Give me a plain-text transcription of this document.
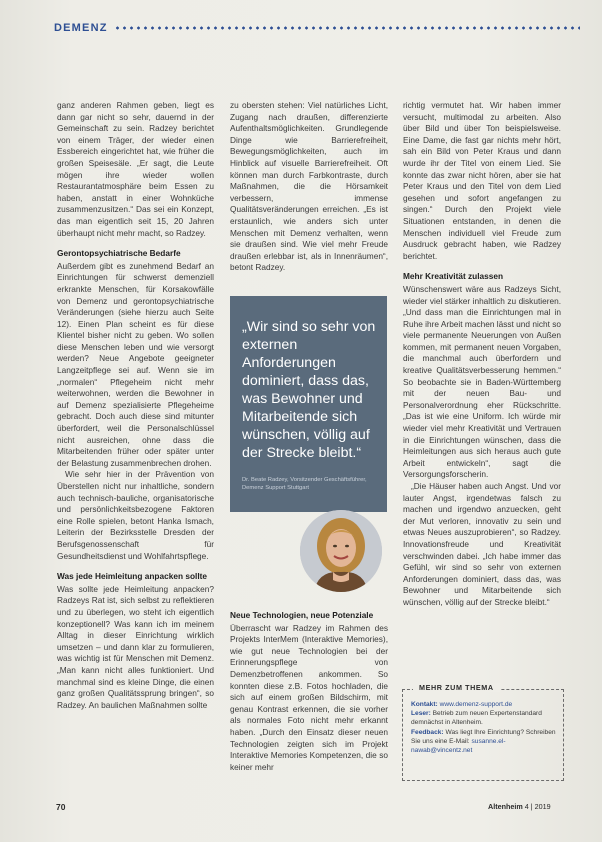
DEMENZ

ganz anderen Rahmen geben, liegt es dann gar nicht so sehr, dauernd in der Gemeinschaft zu sein. Radzey berichtet von einem Träger, der wieder einen Essbereich eingerichtet hat, wie früher die großen Speisesäle. „Er sagt, die Leute mögen ihre wieder wollen Restaurantatmosphäre beim Essen zu haben, anstatt in einer Wohnküche zusammenzusitzen.“ Das sei ein Konzept, das man eigentlich seit 15, 20 Jahren überhaupt nicht mehr macht, so Radzey.

Gerontopsychiatrische Bedarfe

Außerdem gibt es zunehmend Bedarf an Einrichtungen für schwerst demenziell erkrankte Menschen, für Korsakowfälle von Demenz und gerontopsychiatrische Veränderungen (siehe hierzu auch Seite 12). Einen Plan scheint es für diese Klientel bisher nicht zu geben. Wo sollen diese Menschen leben und wie versorgt werden? Neue Angebote geeigneter Langzeitpflege sei auf. Wenn sie im „normalen“ Pflegeheim nicht mehr weiterwohnen, werden die Bewohner in auf Demenz spezialisierte Pflegeheime gebracht. Doch auch diese sind mitunter überfordert, weil die Personalschlüssel nicht ausreichen, ohne dass die Mitarbeitenden früher oder später unter der Belastung zusammenbrechen drohen.

Wie sehr hier in der Prävention von Überstellen nicht nur inhaltliche, sondern auch technisch-bauliche, organisatorische und persönlichkeitsbezogene Faktoren eine Rolle spielen, betont Hanka Ismach, Leiterin der Bezirksstelle Dresden der Berufsgenossenschaft für Gesundheitsdienst und Wohlfahrtspflege.

Was jede Heimleitung anpacken sollte

Was sollte jede Heimleitung anpacken? Radzeys Rat ist, sich selbst zu reflektieren und zu überlegen, wo steht ich eigentlich konzeptionell? Was kann ich im meinem Alltag in dieser Einrichtung wirklich umsetzen – und dann klar zu formulieren, was wichtig ist für Menschen mit Demenz. „Man kann nicht alles funktioniert. Und manchmal sind es kleine Dinge, die einen ganz großen Qualitätssprung bringen“, so Radzey. An baulichen Maßnahmen sollte

zu obersten stehen: Viel natürliches Licht, Zugang nach draußen, differenzierte Aufenthaltsmöglichkeiten. Grundlegende Dinge wie Barrierefreiheit, Bewegungsmöglichkeiten, auch im Hinblick auf visuelle Barrierefreiheit. Oft können man durch Farbkontraste, durch Maßnahmen, die die Hörsamkeit verbessern, immense Qualitätsveränderungen erreichen. „Es ist erstaunlich, wie anders sich unter Menschen mit Demenz verhalten, wenn sie draußen sind. Wie viel mehr Freude draußen erlebbar ist, als in Innenräumen“, betont Radzey.

„Wir sind so sehr von externen Anforderungen dominiert, dass das, was Bewohner und Mitarbeitende sich wünschen, völlig auf der Strecke bleibt.“
Dr. Beate Radzey, Vorsitzender Geschäftsführer, Demenz Support Stuttgart
Neue Technologien, neue Potenziale

Überrascht war Radzey im Rahmen des Projekts InterMem (Interaktive Memories), wie gut neue Technologien bei der Erinnerungspflege von Demenzbetroffenen ankommen. So konnten diese z.B. Fotos hochladen, die sich auf einem großen Bildschirm, mit genau Kontrast erkennen, die sie vorher als normales Foto nicht mehr erkannt haben. „Durch den Einsatz dieser neuen Technologien zeigten sich im Projekt Interaktive Memories Kompetenzen, die so keiner mehr

richtig vermutet hat. Wir haben immer versucht, multimodal zu arbeiten. Also über Bild und über Ton beispielsweise. Eine Dame, die fast gar nichts mehr hört, sah ein Bild von Peter Kraus und dann wurde ihr der Titel von einem Lied. Sie konnte das zwar nicht hören, aber sie hat Peter Kraus und den Titel von dem Lied gesehen und sofort angefangen zu singen.“ Durch den Projekt viele Situationen entstanden, in denen die Menschen individuell viel Freude zum Ausdruck gebracht haben, wie Radzey berichtet.

Mehr Kreativität zulassen

Wünschenswert wäre aus Radzeys Sicht, wieder viel stärker inhaltlich zu diskutieren. „Und dass man die Einrichtungen mal in Ruhe ihre Arbeit machen lässt und nicht so viele permanente Neuerungen von Außen kommen, mit permanent neuen Vorgaben, die manchmal auch überfordern und kreative Qualitätsverbesserung hemmen.“ So beobachte sie in Baden-Württemberg mit der neuen Bau- und Personalverordnung eher Rückschritte. „Das ist wie eine Uniform. Ich würde mir wieder viel mehr Kreativität und Vertrauen in die Einrichtungen wünschen, dass die Heimleitungen aus sich heraus auch gute Arbeit entwickeln“, sagt die Versorgungsforscherin.

„Die Häuser haben auch Angst. Und vor lauter Angst, irgendetwas falsch zu machen und irgendwo anzuecken, geht der Mut verloren, innovativ zu sein und etwas Neues auszuprobieren“, so Radzey. Innovationsfreude und Kreativität verschwinden dabei. „Ich habe immer das Gefühl, wir sind so sehr von externen Anforderungen dominiert, dass das, was Bewohner und Mitarbeitende sich wünschen, völlig auf der Strecke bleibt.“

MEHR ZUM THEMA
Kontakt: www.demenz-support.de
Leser: Betrieb zum neuen Expertenstandard demnächst in Altenheim.
Feedback: Was liegt Ihre Einrichtung? Schreiben Sie uns eine E-Mail: susanne.el-nawab@vincentz.net
70	Altenheim 4 | 2019
